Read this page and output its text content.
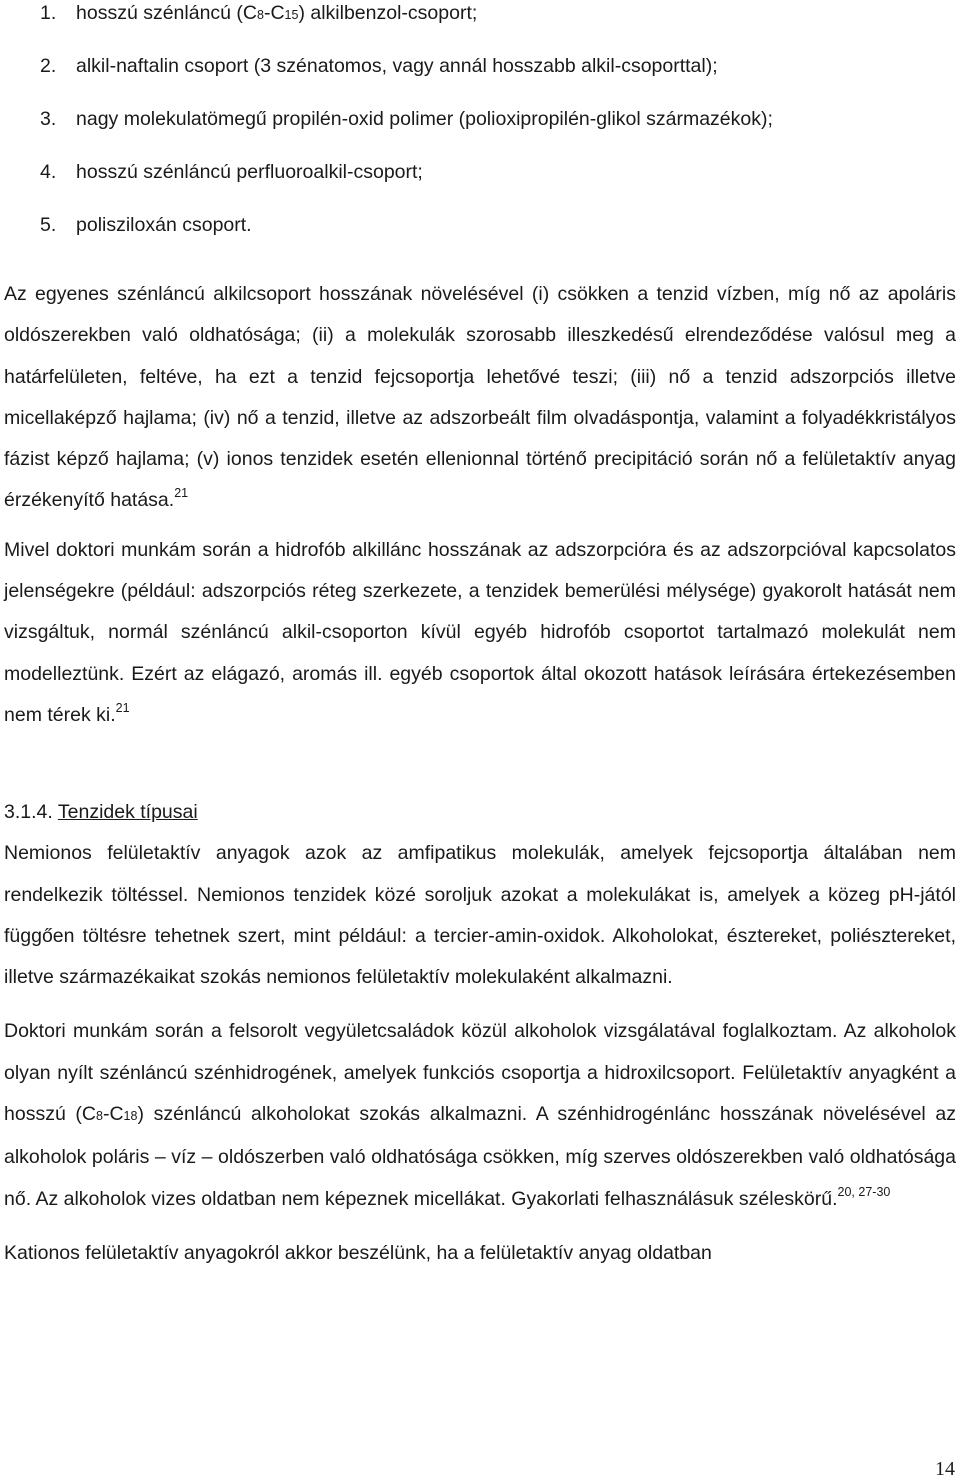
1. hosszú szénláncú (C8-C15) alkilbenzol-csoport;
2. alkil-naftalin csoport (3 szénatomos, vagy annál hosszabb alkil-csoporttal);
3. nagy molekulatömegű propilén-oxid polimer (polioxipropilén-glikol származékok);
4. hosszú szénláncú perfluoroalkil-csoport;
5. polisziloxán csoport.

Az egyenes szénláncú alkilcsoport hosszának növelésével (i) csökken a tenzid vízben, míg nő az apoláris oldószerekben való oldhatósága; (ii) a molekulák szorosabb illeszkedésű elrendeződése valósul meg a határfelületen, feltéve, ha ezt a tenzid fejcsoportja lehetővé teszi; (iii) nő a tenzid adszorpciós illetve micellaképző hajlama; (iv) nő a tenzid, illetve az adszorbeált film olvadáspontja, valamint a folyadékkristályos fázist képző hajlama; (v) ionos tenzidek esetén ellenionnal történő precipitáció során nő a felületaktív anyag érzékenyítő hatása.$^{21}$

Mivel doktori munkám során a hidrofób alkillánc hosszának az adszorpcióra és az adszorpcióval kapcsolatos jelenségekre (például: adszorpciós réteg szerkezete, a tenzidek bemerülési mélysége) gyakorolt hatását nem vizsgáltuk, normál szénláncú alkil-csoporton kívül egyéb hidrofób csoportot tartalmazó molekulát nem modelleztünk. Ezért az elágazó, aromás ill. egyéb csoportok által okozott hatások leírására értekezésemben nem térek ki.$^{21}$

3.1.4. Tenzidek típusai

Nemionos felületaktív anyagok azok az amfipatikus molekulák, amelyek fejcsoportja általában nem rendelkezik töltéssel. Nemionos tenzidek közé soroljuk azokat a molekulákat is, amelyek a közeg pH-jától függően töltésre tehetnek szert, mint például: a tercier-amin-oxidok. Alkoholokat, észtereket, poliésztereket, illetve származékaikat szokás nemionos felületaktív molekulaként alkalmazni.

Doktori munkám során a felsorolt vegyületcsaládok közül alkoholok vizsgálatával foglalkoztam. Az alkoholok olyan nyílt szénláncú szénhidrogének, amelyek funkciós csoportja a hidroxilcsoport. Felületaktív anyagként a hosszú (C8-C18) szénláncú alkoholokat szokás alkalmazni. A szénhidrogénlánc hosszának növelésével az alkoholok poláris – víz – oldószerben való oldhatósága csökken, míg szerves oldószerekben való oldhatósága nő. Az alkoholok vizes oldatban nem képeznek micellákat. Gyakorlati felhasználásuk széleskörű.$^{20, 27-30}$

Kationos felületaktív anyagokról akkor beszélünk, ha a felületaktív anyag oldatban

14
